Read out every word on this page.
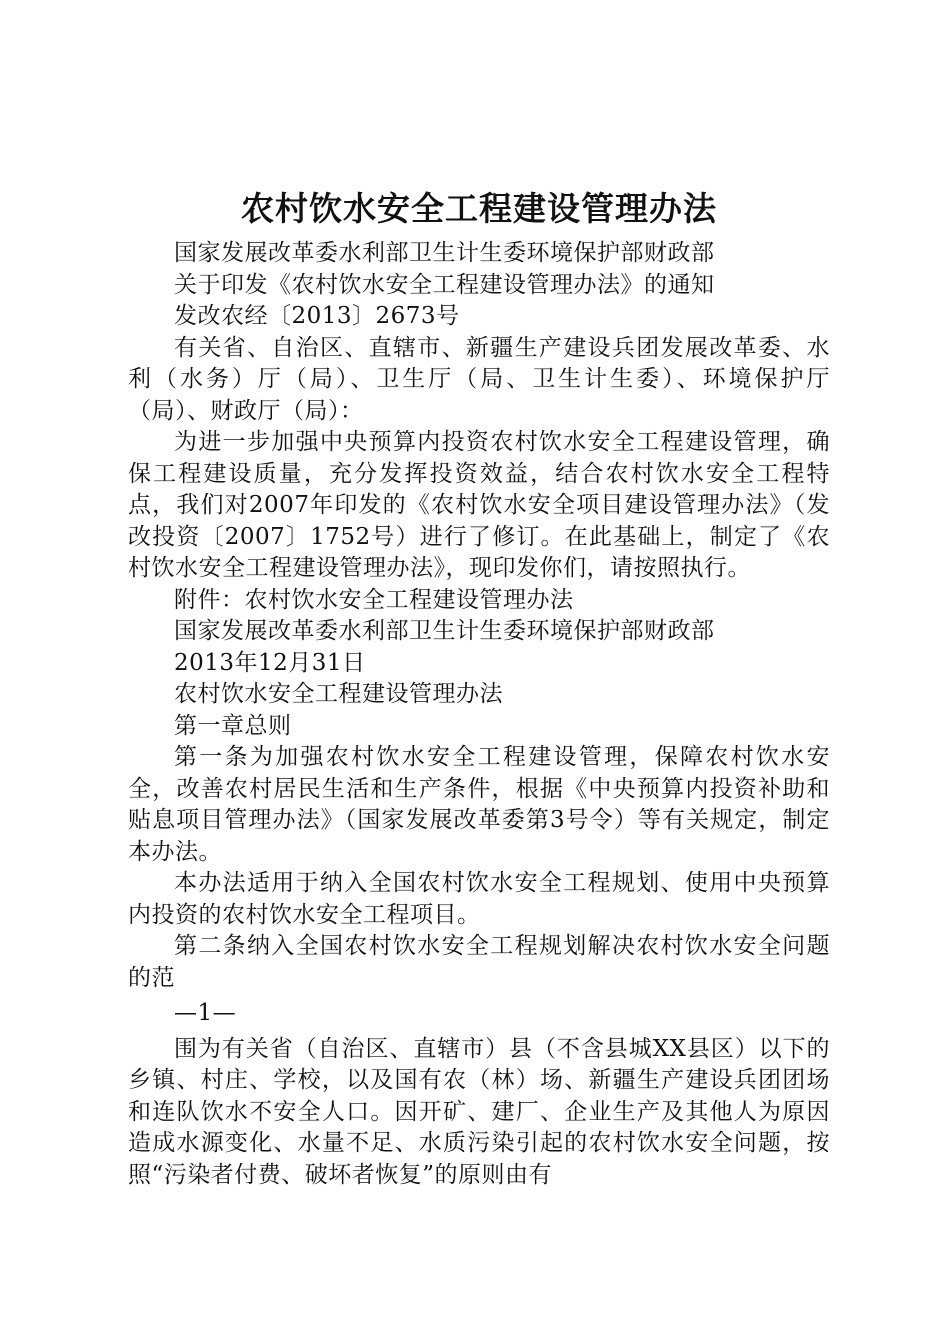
农村饮水安全工程建设管理办法

国家发展改革委水利部卫生计生委环境保护部财政部

关于印发《农村饮水安全工程建设管理办法》的通知

发改农经〔2013〕2673号

有关省、自治区、直辖市、新疆生产建设兵团发展改革委、水利（水务）厅（局）、卫生厅（局、卫生计生委）、环境保护厅（局）、财政厅（局）：

为进一步加强中央预算内投资农村饮水安全工程建设管理，确保工程建设质量，充分发挥投资效益，结合农村饮水安全工程特点，我们对2007年印发的《农村饮水安全项目建设管理办法》（发改投资〔2007〕1752号）进行了修订。在此基础上，制定了《农村饮水安全工程建设管理办法》，现印发你们，请按照执行。

附件：农村饮水安全工程建设管理办法

国家发展改革委水利部卫生计生委环境保护部财政部

2013年12月31日

农村饮水安全工程建设管理办法

第一章总则

第一条为加强农村饮水安全工程建设管理，保障农村饮水安全，改善农村居民生活和生产条件，根据《中央预算内投资补助和贴息项目管理办法》（国家发展改革委第3号令）等有关规定，制定本办法。

本办法适用于纳入全国农村饮水安全工程规划、使用中央预算内投资的农村饮水安全工程项目。

第二条纳入全国农村饮水安全工程规划解决农村饮水安全问题的范

—1—

围为有关省（自治区、直辖市）县（不含县城XX县区）以下的乡镇、村庄、学校，以及国有农（林）场、新疆生产建设兵团团场和连队饮水不安全人口。因开矿、建厂、企业生产及其他人为原因造成水源变化、水量不足、水质污染引起的农村饮水安全问题，按照“污染者付费、破坏者恢复”的原则由有
